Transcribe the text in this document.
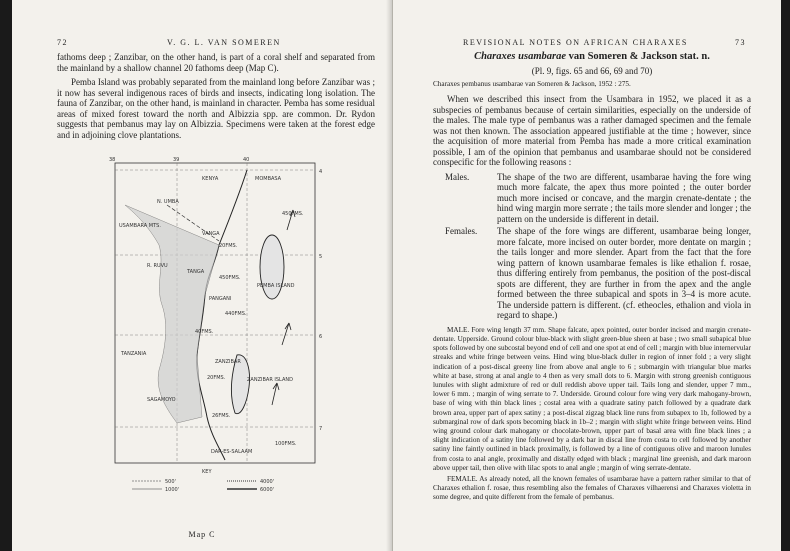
72	V. G. L. VAN SOMEREN

fathoms deep ; Zanzibar, on the other hand, is part of a coral shelf and separated from the mainland by a shallow channel 20 fathoms deep (Map C).

Pemba Island was probably separated from the mainland long before Zanzibar was ; it now has several indigenous races of birds and insects, indicating long isolation. The fauna of Zanzibar, on the other hand, is mainland in character. Pemba has some residual areas of mixed forest toward the north and Albizzia spp. are common. Dr. Rydon suggests that pembanus may lay on Albizzia. Specimens were taken at the forest edge and in adjoining clove plantations.

38	39	40
4
5
6
7
KENYA	MOMBASA
N. UMBA
USAMBARA MTS.
VANGA
R. RUVU
TANGA
PANGANI
TANZANIA
SAGAMOYO
ZANZIBAR
ZANZIBAR ISLAND
PEMBA ISLAND
DAR-ES-SALAAM
KEY
450FMS.
20FMS.
450FMS.
440FMS.
40FMS.
20FMS.
26FMS.
100FMS.
500'
1000'
4000'
6000'
Map C
REVISIONAL NOTES ON AFRICAN CHARAXES	73

Charaxes usambarae van Someren & Jackson stat. n.

(Pl. 9, figs. 65 and 66, 69 and 70)

Charaxes pembanus usambarae van Someren & Jackson, 1952 : 275.

When we described this insect from the Usambara in 1952, we placed it as a subspecies of pembanus because of certain similarities, especially on the underside of the males. The male type of pembanus was a rather damaged specimen and the female was not then known. The association appeared justifiable at the time ; however, since the acquisition of more material from Pemba has made a more critical examination possible, I am of the opinion that pembanus and usambarae should not be considered conspecific for the following reasons :

Males.	The shape of the two are different, usambarae having the fore wing much more falcate, the apex thus more pointed ; the outer border much more incised or concave, and the margin crenate-dentate ; the hind wing margin more serrate ; the tails more slender and longer ; the pattern on the underside is different in detail.
Females.	The shape of the fore wings are different, usambarae being longer, more falcate, more incised on outer border, more dentate on margin ; the tails longer and more slender. Apart from the fact that the fore wing pattern of known usambarae females is like ethalion f. rosae, thus differing entirely from pembanus, the position of the post-discal spots are different, they are further in from the apex and the angle formed between the three subapical and spots in 3–4 is more acute. The underside pattern is different. (cf. etheocles, ethalion and viola in regard to shape.)

MALE. Fore wing length 37 mm. Shape falcate, apex pointed, outer border incised and margin crenate-dentate. Upperside. Ground colour blue-black with slight green-blue sheen at base ; two small subapical blue spots followed by one subcostal beyond end of cell and one spot at end of cell ; margin with blue internervular streaks and white fringe between veins. Hind wing blue-black duller in region of inner fold ; a very slight indication of a post-discal greeny line from above anal angle to 6 ; submargin with triangular blue marks white at base, strong at anal angle to 4 then as very small dots to 6. Margin with strong greenish contiguous lunules with slight admixture of red or dull reddish above upper tail. Tails long and slender, upper 7 mm., lower 6 mm. ; margin of wing serrate to 7. Underside. Ground colour fore wing very dark mahogany-brown, base of wing with thin black lines ; costal area with a quadrate satiny patch followed by a quadrate dark brown area, upper part of apex satiny ; a post-discal zigzag black line runs from subapex to 1b, followed by a submarginal row of dark spots becoming black in 1b–2 ; margin with slight white fringe between veins. Hind wing ground colour dark mahogany or chocolate-brown, upper part of basal area with fine black lines ; a slight indication of a satiny line followed by a dark bar in discal line from costa to cell followed by another satiny line faintly outlined in black proximally, is followed by a line of contiguous olive and maroon lunules from costa to anal angle, proximally and distally edged with black ; marginal line greenish, and dark maroon above upper tail, then olive with lilac spots to anal angle ; margin of wing serrate-dentate.

FEMALE. As already noted, all the known females of usambarae have a pattern rather similar to that of Charaxes ethalion f. rosae, thus resembling also the females of Charaxes vilhaerensi and Charaxes violetta in some degree, and quite different from the female of pembanus.
